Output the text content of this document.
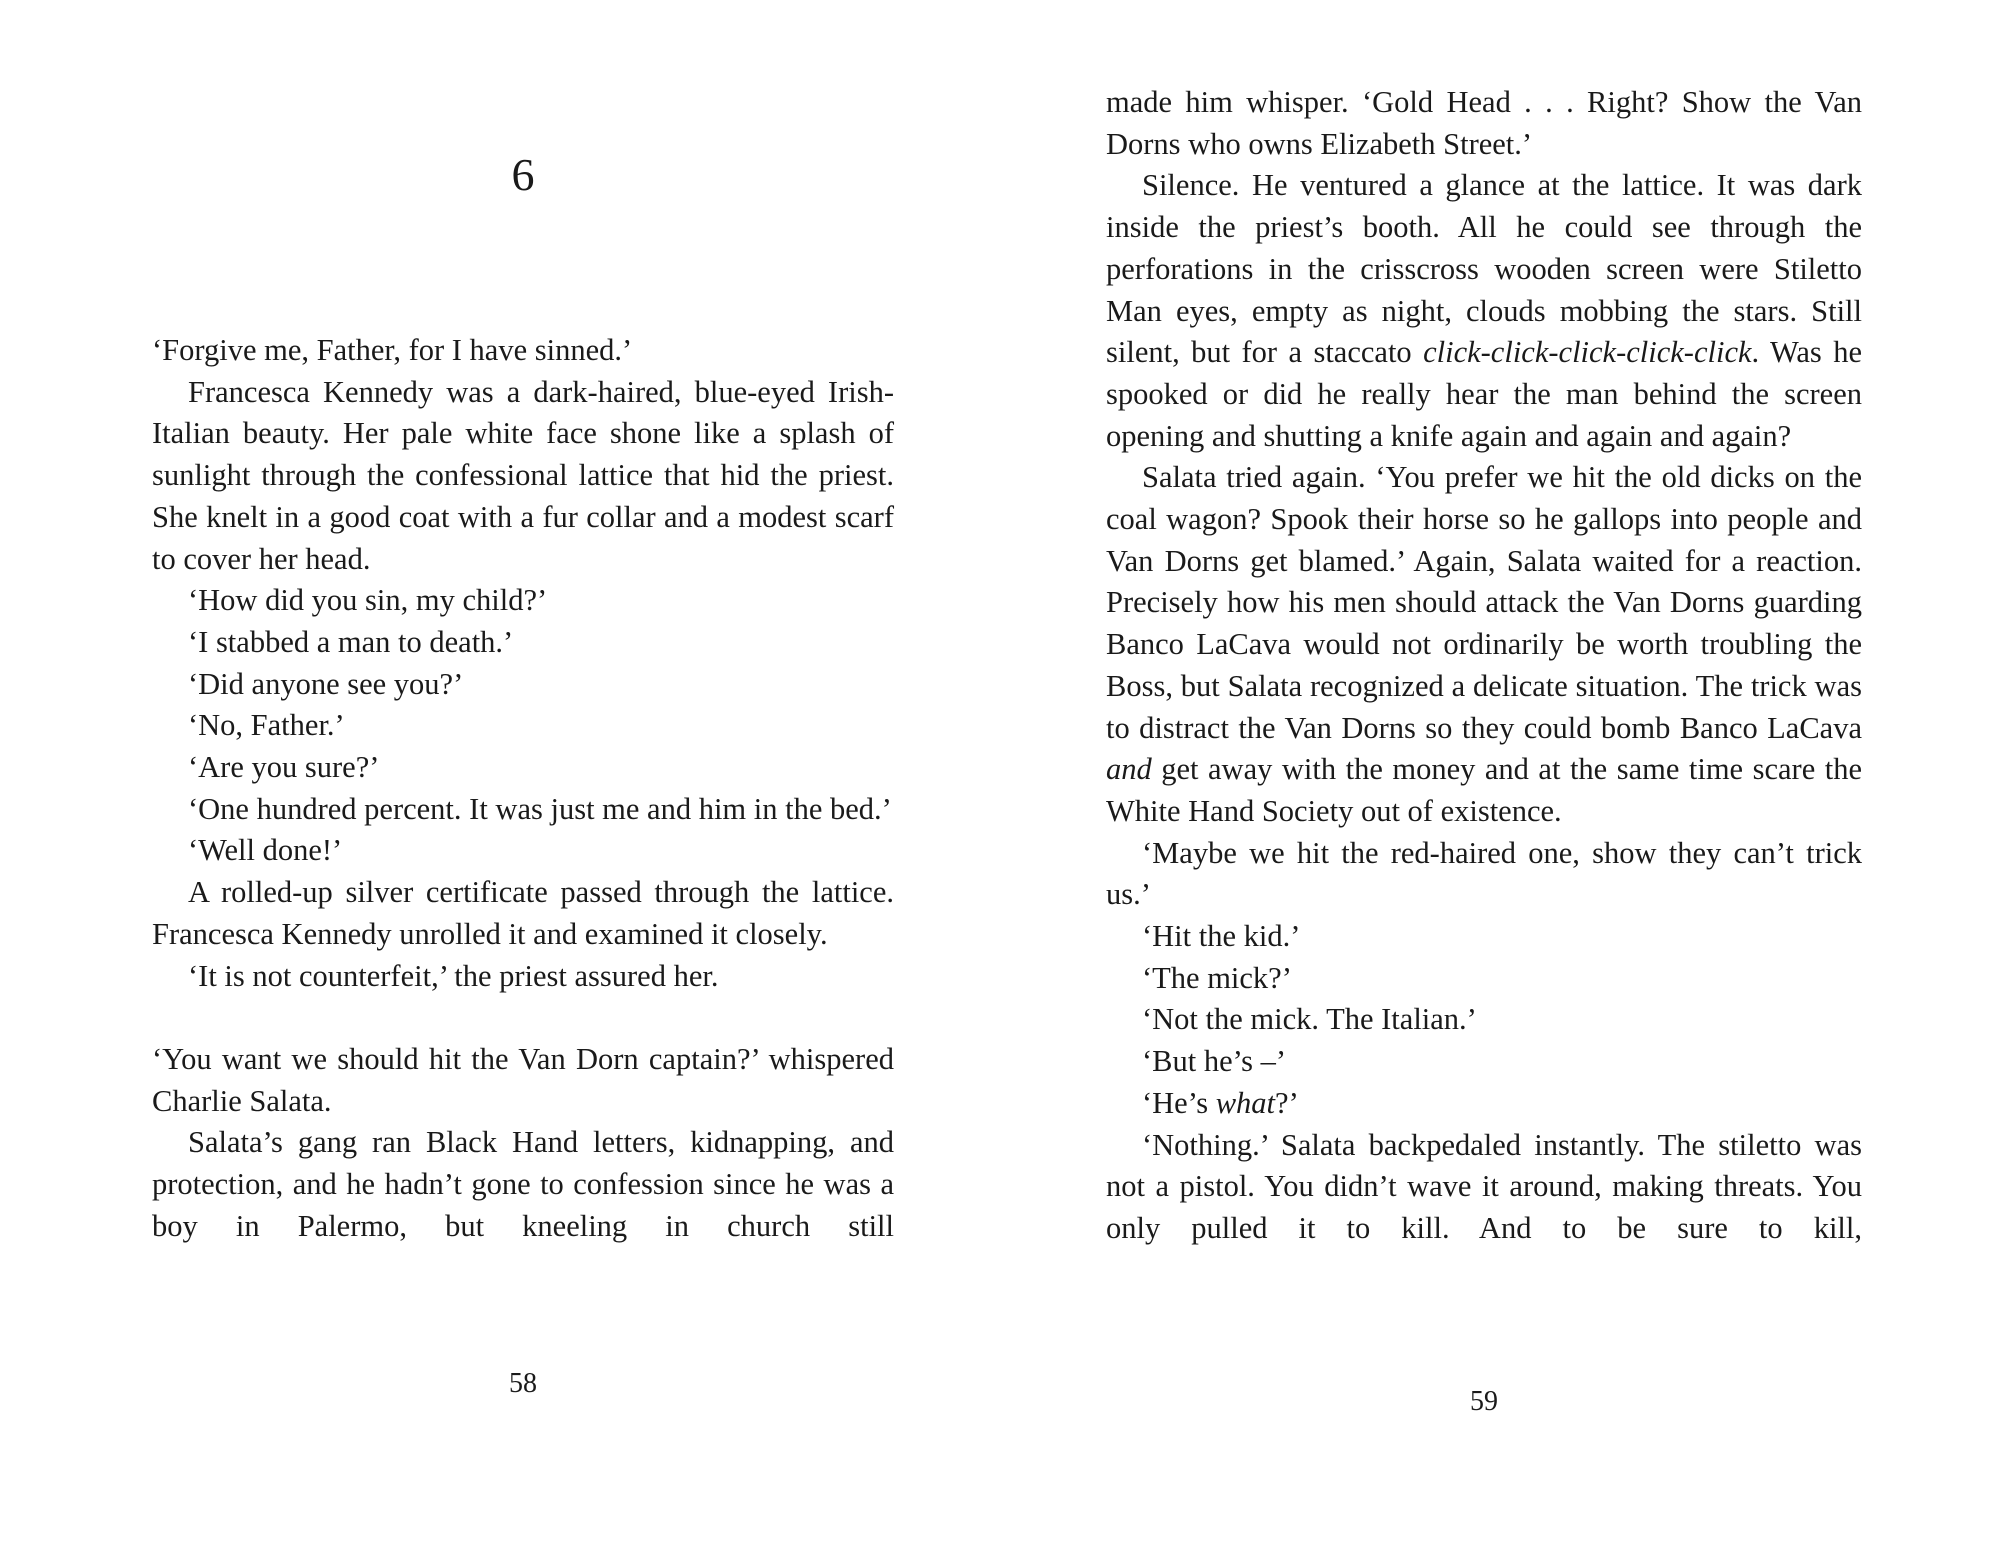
6

‘Forgive me, Father, for I have sinned.’

Francesca Kennedy was a dark-haired, blue-eyed Irish-Italian beauty. Her pale white face shone like a splash of sunlight through the confessional lattice that hid the priest. She knelt in a good coat with a fur collar and a modest scarf to cover her head.

‘How did you sin, my child?’

‘I stabbed a man to death.’

‘Did anyone see you?’

‘No, Father.’

‘Are you sure?’

‘One hundred percent. It was just me and him in the bed.’

‘Well done!’

A rolled-up silver certificate passed through the lattice. Francesca Kennedy unrolled it and examined it closely.

‘It is not counterfeit,’ the priest assured her.

‘You want we should hit the Van Dorn captain?’ whispered Charlie Salata.

Salata’s gang ran Black Hand letters, kidnapping, and protection, and he hadn’t gone to confession since he was a boy in Palermo, but kneeling in church still

58

made him whisper. ‘Gold Head . . . Right? Show the Van Dorns who owns Elizabeth Street.’

Silence. He ventured a glance at the lattice. It was dark inside the priest’s booth. All he could see through the perforations in the crisscross wooden screen were Stiletto Man eyes, empty as night, clouds mobbing the stars. Still silent, but for a staccato click-click-click-click-click. Was he spooked or did he really hear the man behind the screen opening and shutting a knife again and again and again?

Salata tried again. ‘You prefer we hit the old dicks on the coal wagon? Spook their horse so he gallops into people and Van Dorns get blamed.’ Again, Salata waited for a reaction. Precisely how his men should attack the Van Dorns guarding Banco LaCava would not ordinarily be worth troubling the Boss, but Salata recognized a delicate situation. The trick was to distract the Van Dorns so they could bomb Banco LaCava and get away with the money and at the same time scare the White Hand Society out of existence.

‘Maybe we hit the red-haired one, show they can’t trick us.’

‘Hit the kid.’

‘The mick?’

‘Not the mick. The Italian.’

‘But he’s –’

‘He’s what?’

‘Nothing.’ Salata backpedaled instantly. The stiletto was not a pistol. You didn’t wave it around, making threats. You only pulled it to kill. And to be sure to kill,

59
